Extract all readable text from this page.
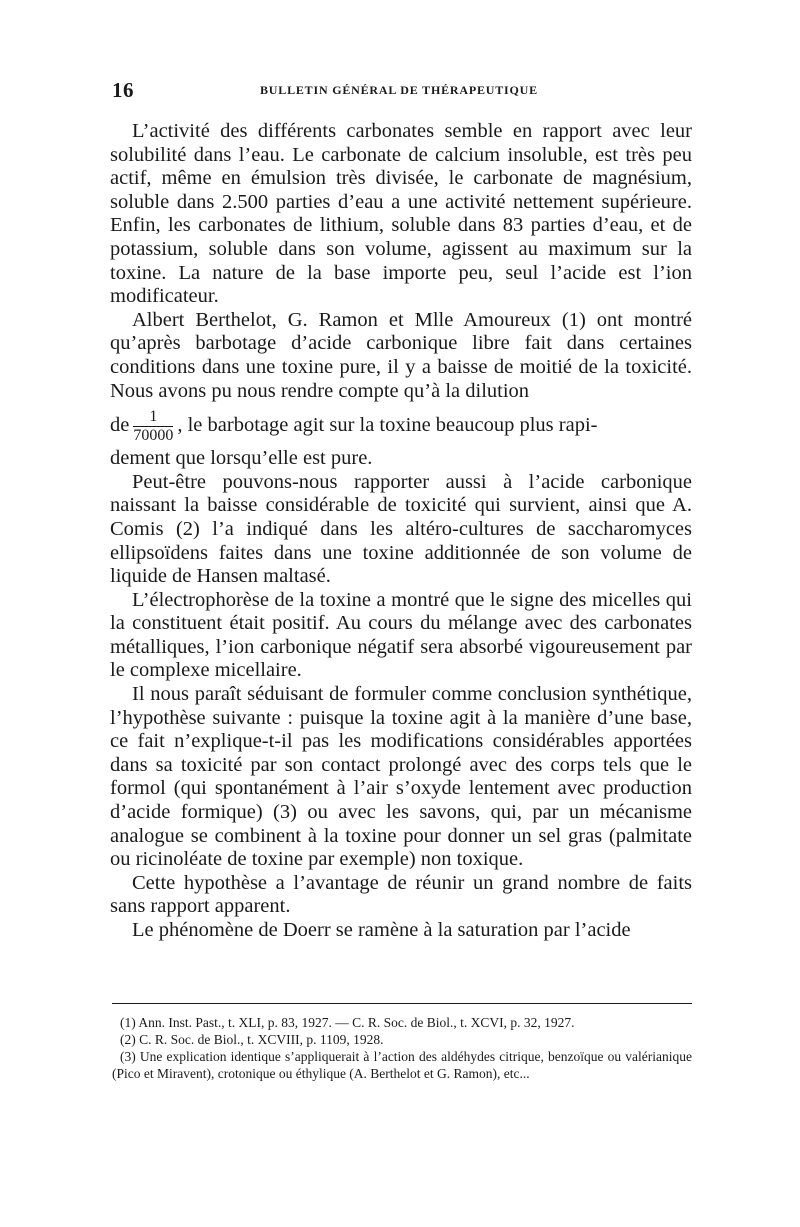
16	BULLETIN GÉNÉRAL DE THÉRAPEUTIQUE

L’activité des différents carbonates semble en rapport avec leur solubilité dans l’eau. Le carbonate de calcium insoluble, est très peu actif, même en émulsion très divisée, le carbonate de magnésium, soluble dans 2.500 parties d’eau a une activité nettement supérieure. Enfin, les carbonates de lithium, soluble dans 83 parties d’eau, et de potassium, soluble dans son volume, agissent au maximum sur la toxine. La nature de la base importe peu, seul l’acide est l’ion modificateur.

Albert Berthelot, G. Ramon et Mlle Amoureux (1) ont montré qu’après barbotage d’acide carbonique libre fait dans certaines conditions dans une toxine pure, il y a baisse de moitié de la toxicité. Nous avons pu nous rendre compte qu’à la dilution

de $\frac{1}{70000}$ , le barbotage agit sur la toxine beaucoup plus rapi-

dement que lorsqu’elle est pure.

Peut-être pouvons-nous rapporter aussi à l’acide carbonique naissant la baisse considérable de toxicité qui survient, ainsi que A. Comis (2) l’a indiqué dans les altéro-cultures de saccharomyces ellipsoïdens faites dans une toxine additionnée de son volume de liquide de Hansen maltasé.

L’électrophorèse de la toxine a montré que le signe des micelles qui la constituent était positif. Au cours du mélange avec des carbonates métalliques, l’ion carbonique négatif sera absorbé vigoureusement par le complexe micellaire.

Il nous paraît séduisant de formuler comme conclusion synthétique, l’hypothèse suivante : puisque la toxine agit à la manière d’une base, ce fait n’explique-t-il pas les modifications considérables apportées dans sa toxicité par son contact prolongé avec des corps tels que le formol (qui spontanément à l’air s’oxyde lentement avec production d’acide formique) (3) ou avec les savons, qui, par un mécanisme analogue se combinent à la toxine pour donner un sel gras (palmitate ou ricinoléate de toxine par exemple) non toxique.

Cette hypothèse a l’avantage de réunir un grand nombre de faits sans rapport apparent.

Le phénomène de Doerr se ramène à la saturation par l’acide

(1) Ann. Inst. Past., t. XLI, p. 83, 1927. — C. R. Soc. de Biol., t. XCVI, p. 32, 1927.

(2) C. R. Soc. de Biol., t. XCVIII, p. 1109, 1928.

(3) Une explication identique s’appliquerait à l’action des aldéhydes citrique, benzoïque ou valérianique (Pico et Miravent), crotonique ou éthylique (A. Berthelot et G. Ramon), etc...
